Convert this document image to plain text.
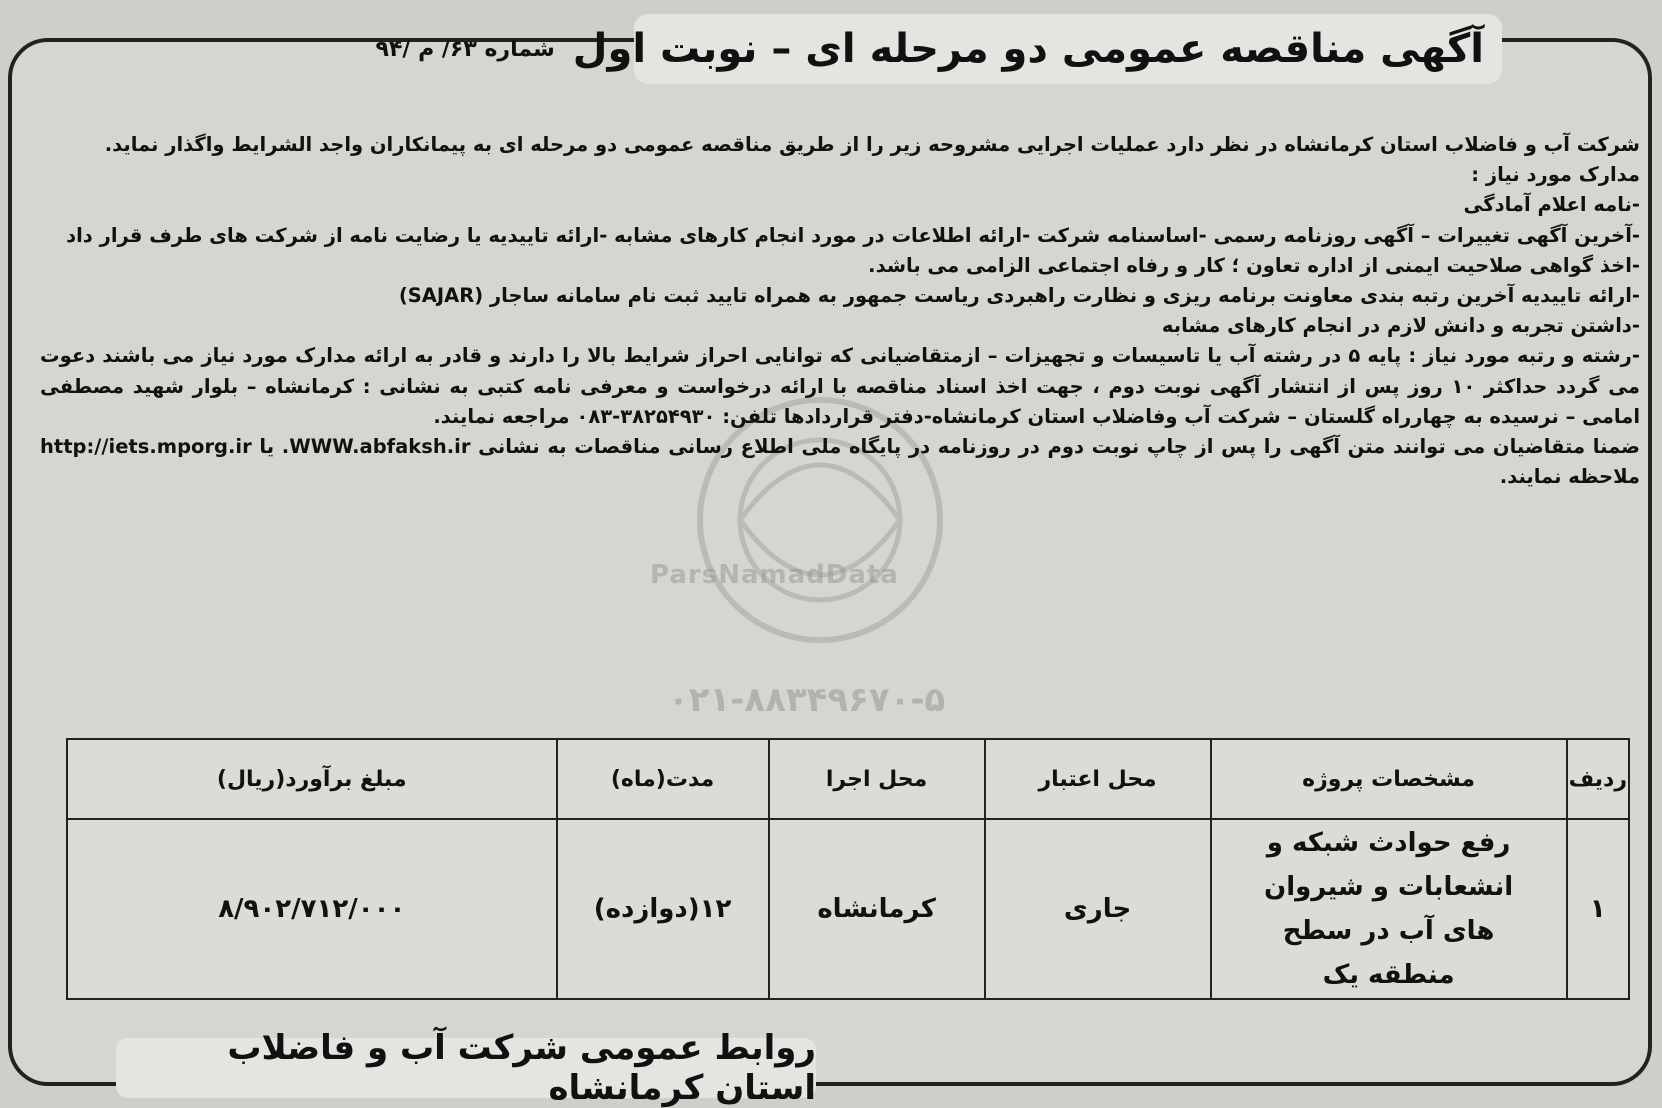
آگهی مناقصه عمومی دو مرحله ای – نوبت اول
شماره ۶۳/ م /۹۴
ParsNamadData
۰۲۱-۸۸۳۴۹۶۷۰-۵

شرکت آب و فاضلاب استان کرمانشاه در نظر دارد عملیات اجرایی مشروحه زیر را از طریق مناقصه عمومی دو مرحله ای به پیمانکاران واجد الشرایط واگذار نماید.

مدارک مورد نیاز :

-نامه اعلام آمادگی

-آخرین آگهی تغییرات – آگهی روزنامه رسمی -اساسنامه شرکت -ارائه اطلاعات در مورد انجام کارهای مشابه -ارائه تاییدیه یا رضایت نامه از شرکت های طرف قرار داد

-اخذ گواهی صلاحیت ایمنی از اداره تعاون ؛ کار و رفاه اجتماعی الزامی می باشد.

-ارائه تاییدیه آخرین رتبه بندی معاونت برنامه ریزی و نظارت راهبردی ریاست جمهور به همراه تایید ثبت نام سامانه ساجار (SAJAR)

-داشتن تجربه و دانش لازم در انجام کارهای مشابه

-رشته و رتبه مورد نیاز : پایه ۵ در رشته آب یا تاسیسات و تجهیزات – ازمتقاضیانی که توانایی احراز شرایط بالا را دارند و قادر به ارائه مدارک مورد نیاز می باشند دعوت می گردد حداکثر ۱۰ روز پس از انتشار آگهی نوبت دوم ، جهت اخذ اسناد مناقصه با ارائه درخواست و معرفی نامه کتبی به نشانی : کرمانشاه – بلوار شهید مصطفی امامی – نرسیده به چهارراه گلستان – شرکت آب وفاضلاب استان کرمانشاه-دفتر قراردادها تلفن: ۳۸۲۵۴۹۳۰-۰۸۳ مراجعه نمایند.

ضمنا متقاضیان می توانند متن آگهی را پس از چاپ نوبت دوم در روزنامه در پایگاه ملی اطلاع رسانی مناقصات به نشانی WWW.abfaksh.ir. یا http://iets.mporg.ir ملاحظه نمایند.

ردیف	مشخصات پروژه	محل اعتبار	محل اجرا	مدت(ماه)	مبلغ برآورد(ریال)
۱	رفع حوادث شبکه و انشعابات و شیروان های آب در سطح منطقه یک	جاری	کرمانشاه	۱۲(دوازده)	۸/۹۰۲/۷۱۲/۰۰۰
روابط عمومی شرکت آب و فاضلاب استان کرمانشاه
